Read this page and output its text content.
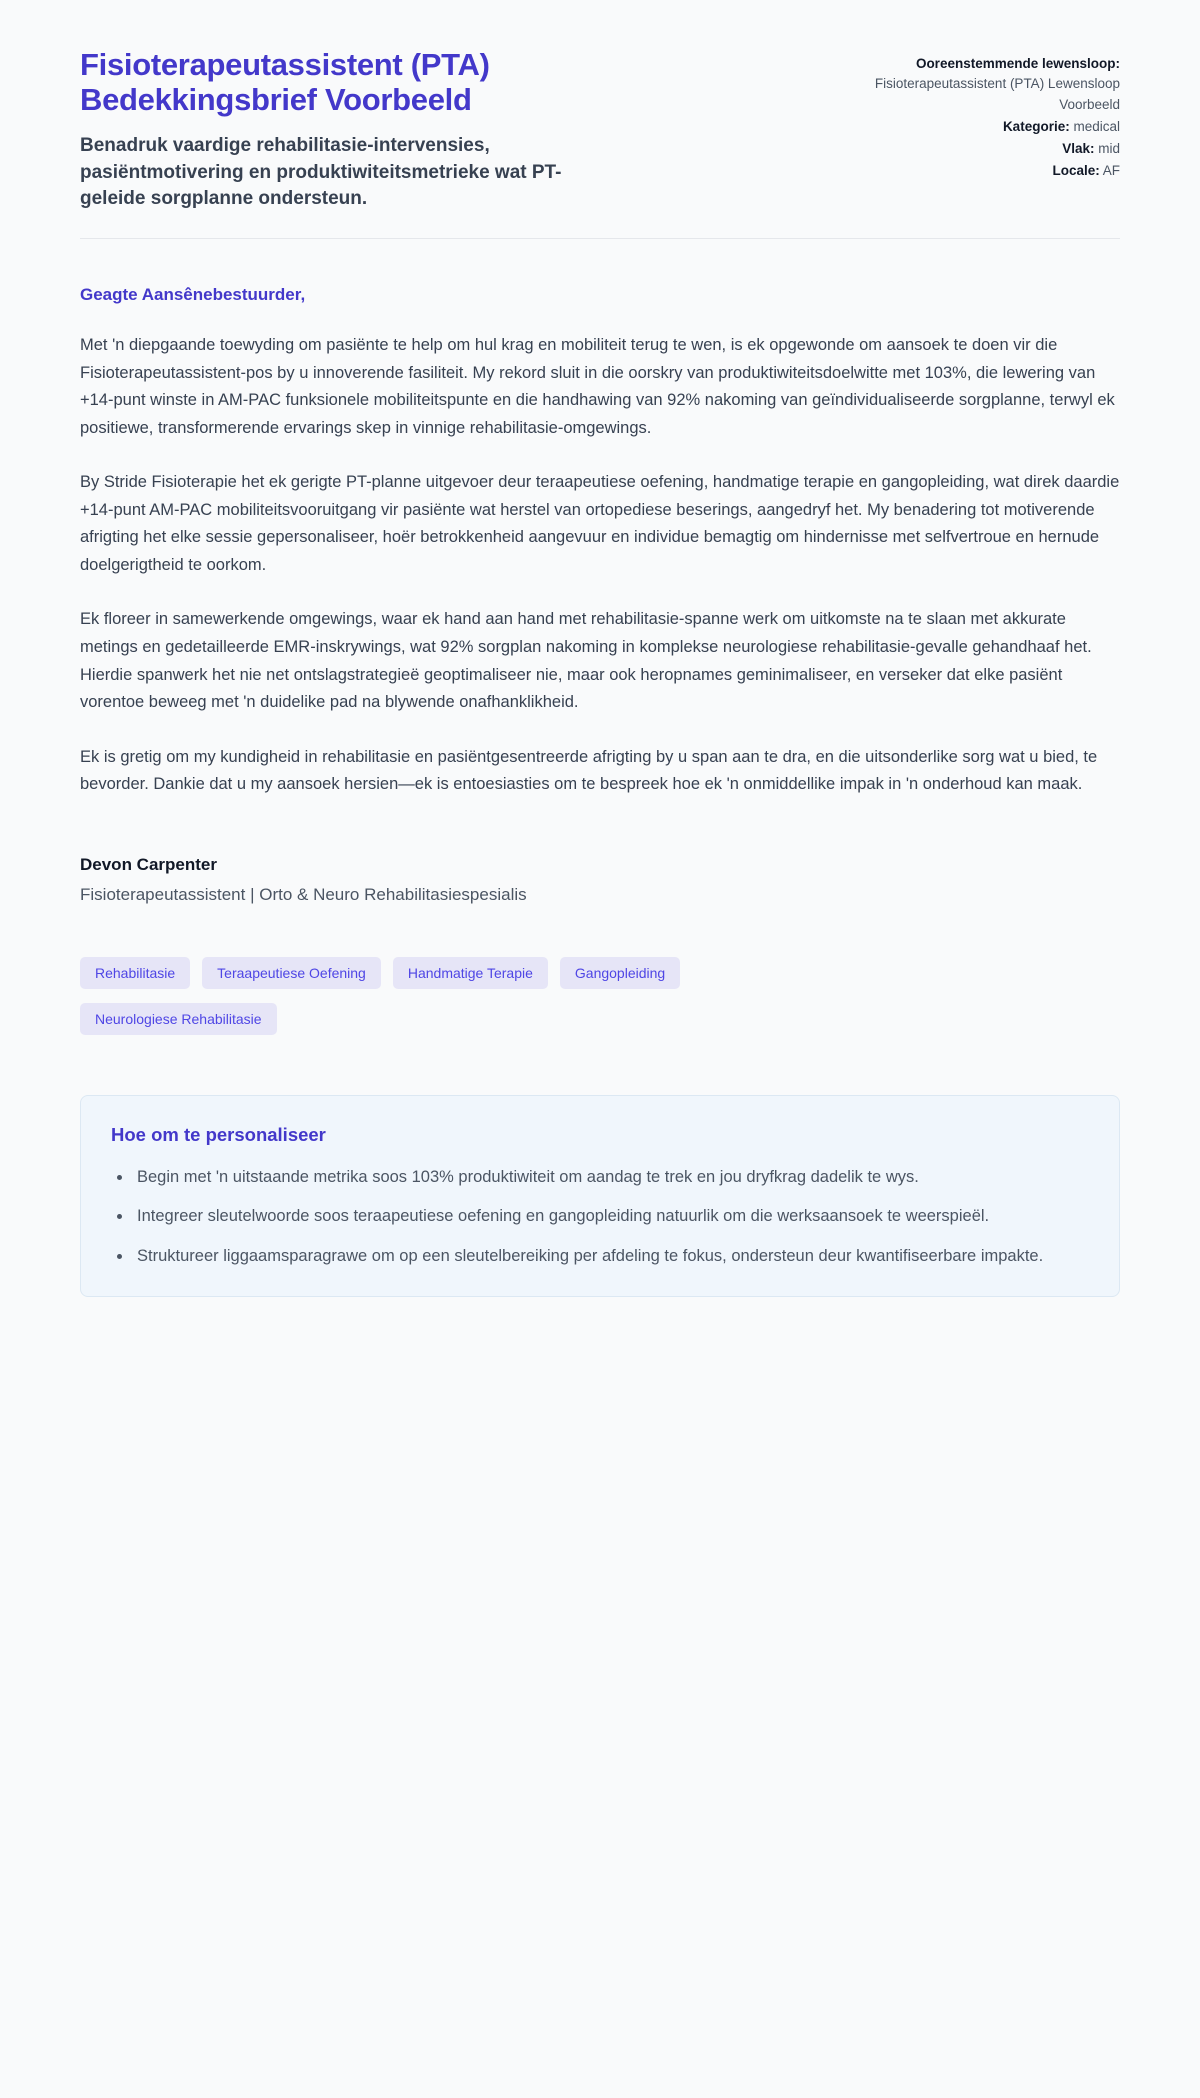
Fisioterapeutassistent (PTA) Bedekkingsbrief Voorbeeld

Benadruk vaardige rehabilitasie-intervensies, pasiëntmotivering en produktiwiteitsmetrieke wat PT-geleide sorgplanne ondersteun.

Ooreenstemmende lewensloop:
Fisioterapeutassistent (PTA) Lewensloop Voorbeeld
Kategorie: medical
Vlak: mid
Locale: AF

Geagte Aansênebestuurder,

Met 'n diepgaande toewyding om pasiënte te help om hul krag en mobiliteit terug te wen, is ek opgewonde om aansoek te doen vir die Fisioterapeutassistent-pos by u innoverende fasiliteit. My rekord sluit in die oorskry van produktiwiteitsdoelwitte met 103%, die lewering van +14-punt winste in AM-PAC funksionele mobiliteitspunte en die handhawing van 92% nakoming van geïndividualiseerde sorgplanne, terwyl ek positiewe, transformerende ervarings skep in vinnige rehabilitasie-omgewings.

By Stride Fisioterapie het ek gerigte PT-planne uitgevoer deur teraapeutiese oefening, handmatige terapie en gangopleiding, wat direk daardie +14-punt AM-PAC mobiliteitsvooruitgang vir pasiënte wat herstel van ortopediese beserings, aangedryf het. My benadering tot motiverende afrigting het elke sessie gepersonaliseer, hoër betrokkenheid aangevuur en individue bemagtig om hindernisse met selfvertroue en hernude doelgerigtheid te oorkom.

Ek floreer in samewerkende omgewings, waar ek hand aan hand met rehabilitasie-spanne werk om uitkomste na te slaan met akkurate metings en gedetailleerde EMR-inskrywings, wat 92% sorgplan nakoming in komplekse neurologiese rehabilitasie-gevalle gehandhaaf het. Hierdie spanwerk het nie net ontslagstrategieë geoptimaliseer nie, maar ook heropnames geminimaliseer, en verseker dat elke pasiënt vorentoe beweeg met 'n duidelike pad na blywende onafhanklikheid.

Ek is gretig om my kundigheid in rehabilitasie en pasiëntgesentreerde afrigting by u span aan te dra, en die uitsonderlike sorg wat u bied, te bevorder. Dankie dat u my aansoek hersien—ek is entoesiasties om te bespreek hoe ek 'n onmiddellike impak in 'n onderhoud kan maak.

Devon Carpenter

Fisioterapeutassistent | Orto & Neuro Rehabilitasiespesialis

Rehabilitasie	Teraapeutiese Oefening	Handmatige Terapie	Gangopleiding
Neurologiese Rehabilitasie
Hoe om te personaliseer
• Begin met 'n uitstaande metrika soos 103% produktiwiteit om aandag te trek en jou dryfkrag dadelik te wys.
• Integreer sleutelwoorde soos teraapeutiese oefening en gangopleiding natuurlik om die werksaansoek te weerspieël.
• Struktureer liggaamsparagrawe om op een sleutelbereiking per afdeling te fokus, ondersteun deur kwantifiseerbare impakte.
